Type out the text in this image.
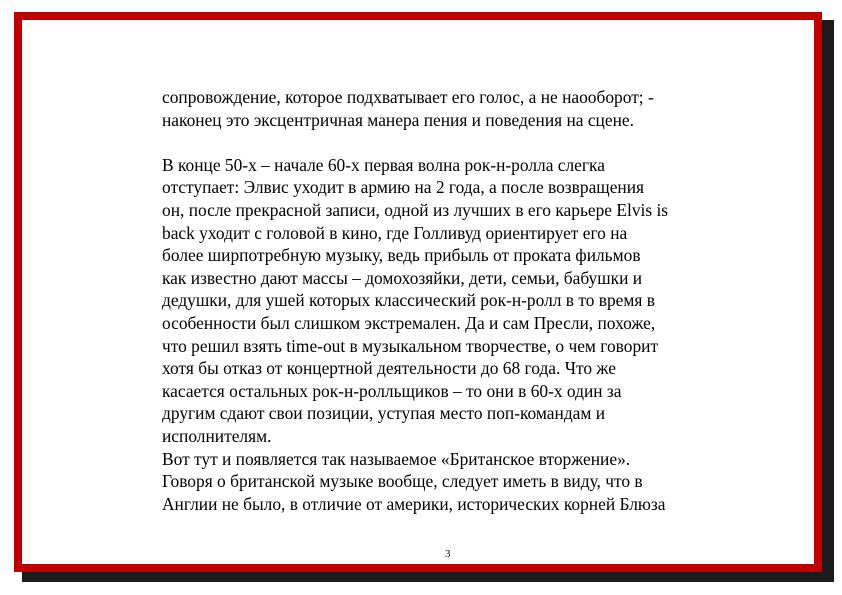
сопровождение, которое подхватывает его голос, а не наооборот; -
наконец это эксцентричная манера пения и поведения на сцене.
В конце 50-х – начале 60-х первая волна рок-н-ролла слегка
отступает: Элвис уходит в армию на 2 года, а после возвращения
он, после прекрасной записи, одной из лучших в его карьере Elvis is
back уходит с головой в кино, где Голливуд ориентирует его на
более ширпотребную музыку, ведь прибыль от проката фильмов
как известно дают массы – домохозяйки, дети, семьи, бабушки и
дедушки, для ушей которых классический рок-н-ролл в то время в
особенности был слишком экстремален. Да и сам Пресли, похоже,
что решил взять time-out в музыкальном творчестве, о чем говорит
хотя бы отказ от концертной деятельности до 68 года. Что же
касается остальных рок-н-ролльщиков – то они в 60-х один за
другим сдают свои позиции, уступая место поп-командам и
исполнителям.
Вот тут и появляется так называемое «Британское вторжение».
Говоря о британской музыке вообще, следует иметь в виду, что в
Англии не было, в отличие от америки, исторических корней Блюза
3
